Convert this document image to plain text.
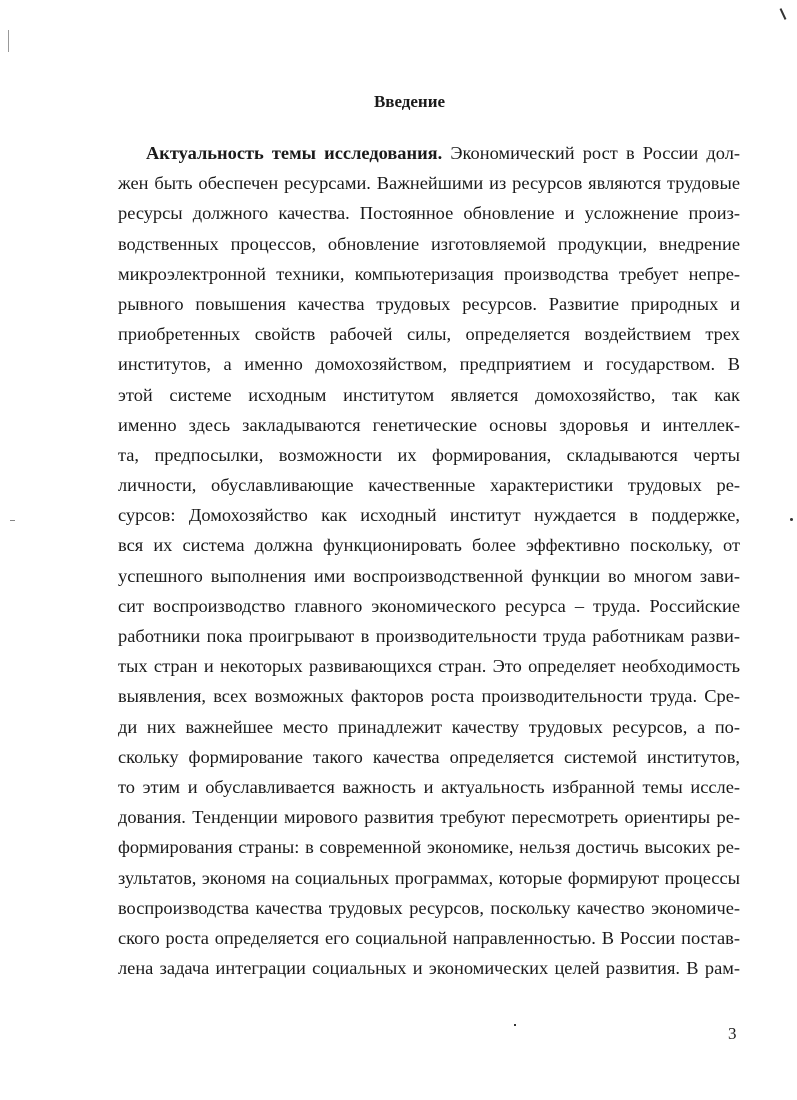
Введение
Актуальность темы исследования. Экономический рост в России дол-
жен быть обеспечен ресурсами. Важнейшими из ресурсов являются трудовые
ресурсы должного качества. Постоянное обновление и усложнение произ-
водственных процессов, обновление изготовляемой продукции, внедрение
микроэлектронной техники, компьютеризация производства требует непре-
рывного повышения качества трудовых ресурсов. Развитие природных и
приобретенных свойств рабочей силы, определяется воздействием трех
институтов, а именно домохозяйством, предприятием и государством. В
этой системе исходным институтом является домохозяйство, так как
именно здесь закладываются генетические основы здоровья и интеллек-
та, предпосылки, возможности их формирования, складываются черты
личности, обуславливающие качественные характеристики трудовых ре-
сурсов: Домохозяйство как исходный институт нуждается в поддержке,
вся их система должна функционировать более эффективно поскольку, от
успешного выполнения ими воспроизводственной функции во многом зави-
сит воспроизводство главного экономического ресурса – труда. Российские
работники пока проигрывают в производительности труда работникам разви-
тых стран и некоторых развивающихся стран. Это определяет необходимость
выявления, всех возможных факторов роста производительности труда. Сре-
ди них важнейшее место принадлежит качеству трудовых ресурсов, а по-
скольку формирование такого качества определяется системой институтов,
то этим и обуславливается важность и актуальность избранной темы иссле-
дования. Тенденции мирового развития требуют пересмотреть ориентиры ре-
формирования страны: в современной экономике, нельзя достичь высоких ре-
зультатов, экономя на социальных программах, которые формируют процессы
воспроизводства качества трудовых ресурсов, поскольку качество экономиче-
ского роста определяется его социальной направленностью. В России постав-
лена задача интеграции социальных и экономических целей развития. В рам-
3
